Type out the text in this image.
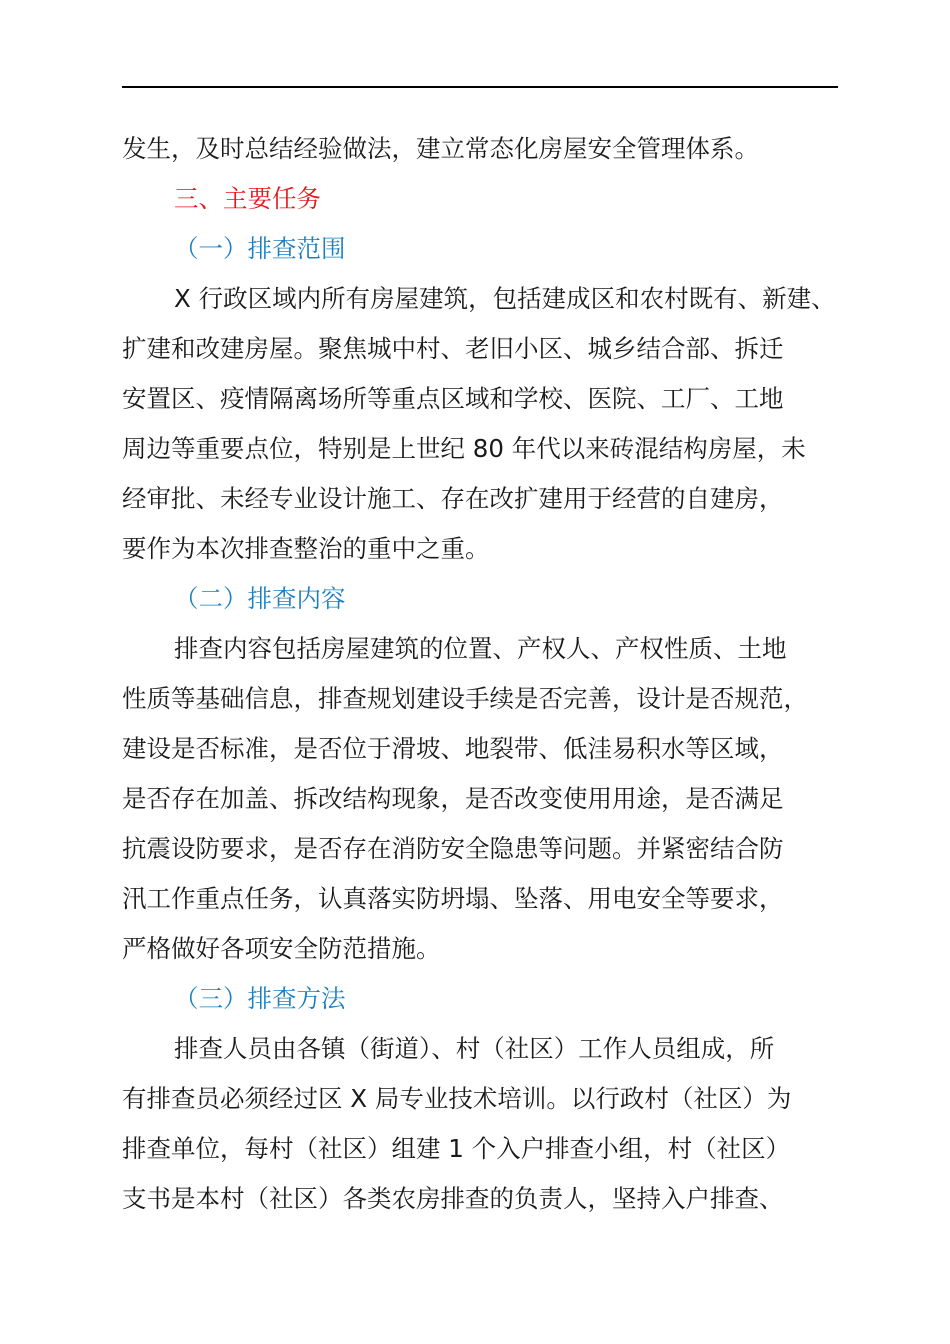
发生，及时总结经验做法，建立常态化房屋安全管理体系。
三、主要任务
（一）排查范围
X 行政区域内所有房屋建筑，包括建成区和农村既有、新建、
扩建和改建房屋。聚焦城中村、老旧小区、城乡结合部、拆迁
安置区、疫情隔离场所等重点区域和学校、医院、工厂、工地
周边等重要点位，特别是上世纪 80 年代以来砖混结构房屋，未
经审批、未经专业设计施工、存在改扩建用于经营的自建房，
要作为本次排查整治的重中之重。
（二）排查内容
排查内容包括房屋建筑的位置、产权人、产权性质、土地
性质等基础信息，排查规划建设手续是否完善，设计是否规范，
建设是否标准，是否位于滑坡、地裂带、低洼易积水等区域，
是否存在加盖、拆改结构现象，是否改变使用用途，是否满足
抗震设防要求，是否存在消防安全隐患等问题。并紧密结合防
汛工作重点任务，认真落实防坍塌、坠落、用电安全等要求，
严格做好各项安全防范措施。
（三）排查方法
排查人员由各镇（街道）、村（社区）工作人员组成，所
有排查员必须经过区 X 局专业技术培训。以行政村（社区）为
排查单位，每村（社区）组建 1 个入户排查小组，村（社区）
支书是本村（社区）各类农房排查的负责人，坚持入户排查、
